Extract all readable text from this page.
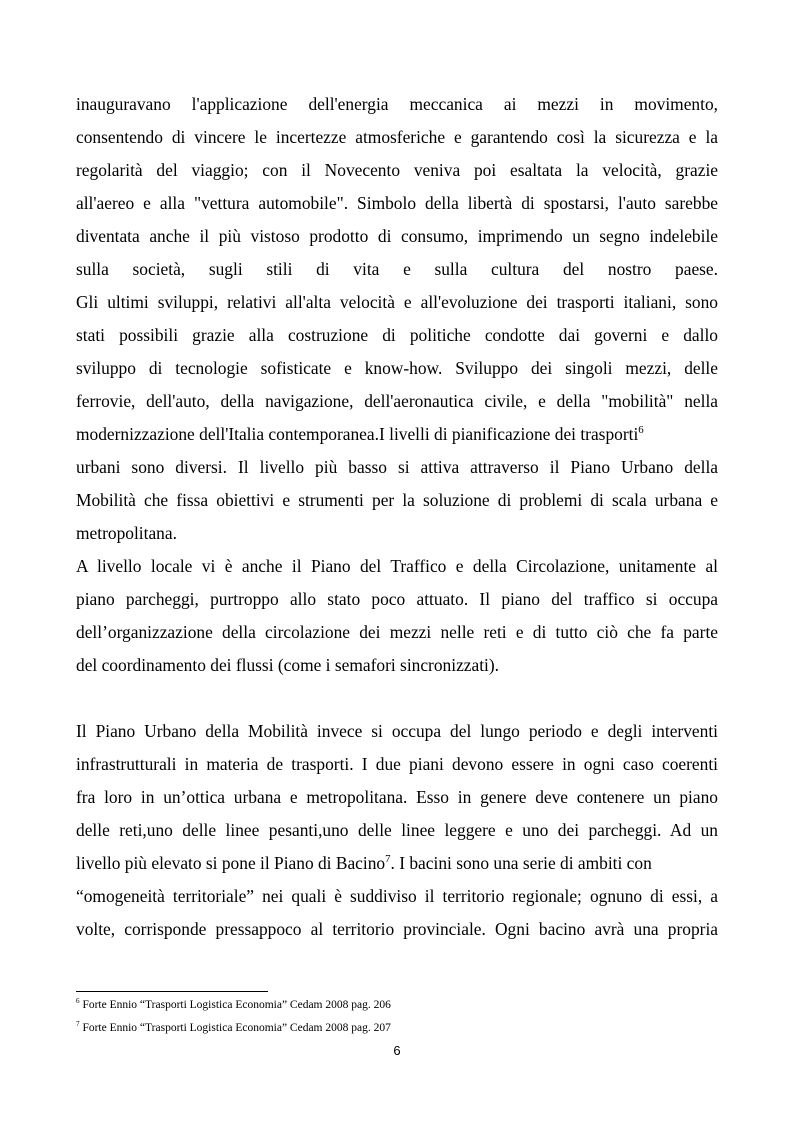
inauguravano l'applicazione dell'energia meccanica ai mezzi in movimento,
consentendo di vincere le incertezze atmosferiche e garantendo così la sicurezza e la
regolarità del viaggio; con il Novecento veniva poi esaltata la velocità, grazie
all'aereo e alla "vettura automobile". Simbolo della libertà di spostarsi, l'auto sarebbe
diventata anche il più vistoso prodotto di consumo, imprimendo un segno indelebile
sulla società, sugli stili di vita e sulla cultura del nostro paese.
Gli ultimi sviluppi, relativi all'alta velocità e all'evoluzione dei trasporti italiani, sono
stati possibili grazie alla costruzione di politiche condotte dai governi e dallo
sviluppo di tecnologie sofisticate e know-how. Sviluppo dei singoli mezzi, delle
ferrovie, dell'auto, della navigazione, dell'aeronautica civile, e della "mobilità" nella
modernizzazione dell'Italia contemporanea.I livelli di pianificazione dei trasporti$^6$
urbani sono diversi. Il livello più basso si attiva attraverso il Piano Urbano della
Mobilità che fissa obiettivi e strumenti per la soluzione di problemi di scala urbana e
metropolitana.
A livello locale vi è anche il Piano del Traffico e della Circolazione, unitamente al
piano parcheggi, purtroppo allo stato poco attuato. Il piano del traffico si occupa
dell’organizzazione della circolazione dei mezzi nelle reti e di tutto ciò che fa parte
del coordinamento dei flussi (come i semafori sincronizzati).
Il Piano Urbano della Mobilità invece si occupa del lungo periodo e degli interventi
infrastrutturali in materia de trasporti. I due piani devono essere in ogni caso coerenti
fra loro in un’ottica urbana e metropolitana. Esso in genere deve contenere un piano
delle reti,uno delle linee pesanti,uno delle linee leggere e uno dei parcheggi. Ad un
livello più elevato si pone il Piano di Bacino$^7$. I bacini sono una serie di ambiti con
“omogeneità territoriale” nei quali è suddiviso il territorio regionale; ognuno di essi, a
volte, corrisponde pressappoco al territorio provinciale. Ogni bacino avrà una propria
$^6$ Forte Ennio “Trasporti Logistica Economia” Cedam 2008 pag. 206
$^7$ Forte Ennio “Trasporti Logistica Economia” Cedam 2008 pag. 207
6
